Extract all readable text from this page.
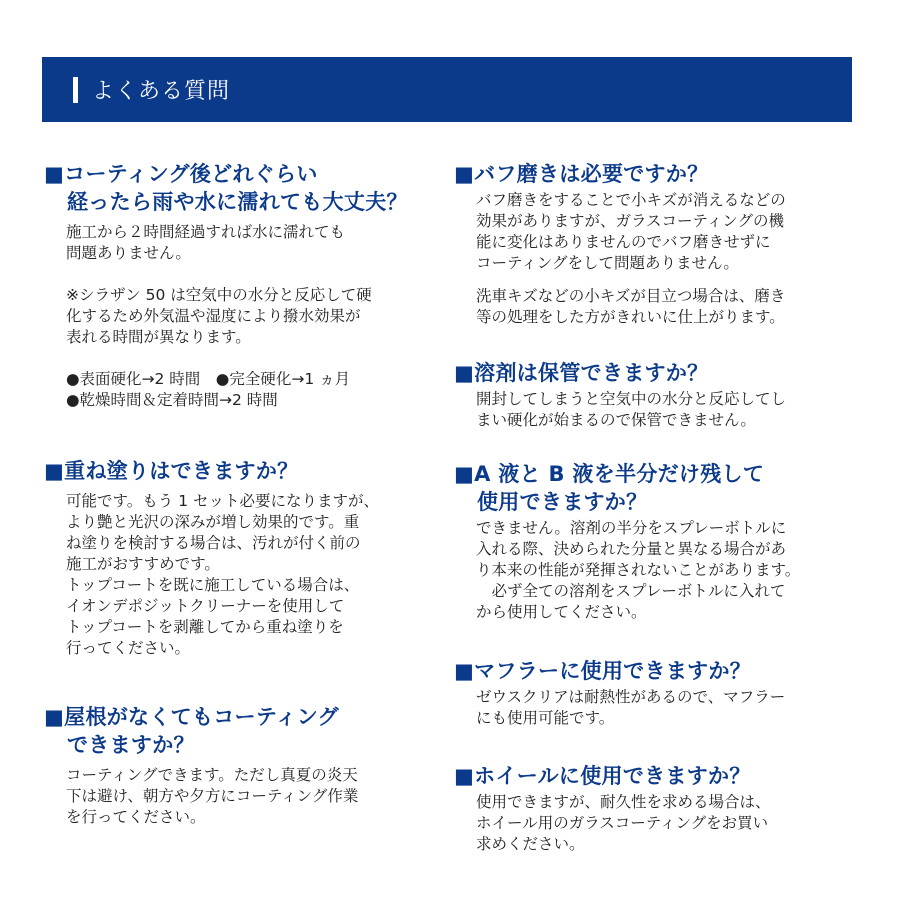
よくある質問
■コーティング後どれぐらい
経ったら雨や水に濡れても大丈夫？
施工から２時間経過すれば水に濡れても
問題ありません。
※シラザン 50 は空気中の水分と反応して硬
化するため外気温や湿度により撥水効果が
表れる時間が異なります。
●表面硬化→2 時間　●完全硬化→1 ヵ月
●乾燥時間＆定着時間→2 時間
■重ね塗りはできますか？
可能です。もう 1 セット必要になりますが、
より艶と光沢の深みが増し効果的です。重
ね塗りを検討する場合は、汚れが付く前の
施工がおすすめです。
トップコートを既に施工している場合は、
イオンデポジットクリーナーを使用して
トップコートを剥離してから重ね塗りを
行ってください。
■屋根がなくてもコーティング
できますか？
コーティングできます。ただし真夏の炎天
下は避け、朝方や夕方にコーティング作業
を行ってください。
■バフ磨きは必要ですか？
バフ磨きをすることで小キズが消えるなどの
効果がありますが、ガラスコーティングの機
能に変化はありませんのでバフ磨きせずに
コーティングをして問題ありません。
洗車キズなどの小キズが目立つ場合は、磨き
等の処理をした方がきれいに仕上がります。
■溶剤は保管できますか？
開封してしまうと空気中の水分と反応してし
まい硬化が始まるので保管できません。
■A 液と B 液を半分だけ残して
使用できますか？
できません。溶剤の半分をスプレーボトルに
入れる際、決められた分量と異なる場合があ
り本来の性能が発揮されないことがあります。
　必ず全ての溶剤をスプレーボトルに入れて
から使用してください。
■マフラーに使用できますか？
ゼウスクリアは耐熱性があるので、マフラー
にも使用可能です。
■ホイールに使用できますか？
使用できますが、耐久性を求める場合は、
ホイール用のガラスコーティングをお買い
求めください。
